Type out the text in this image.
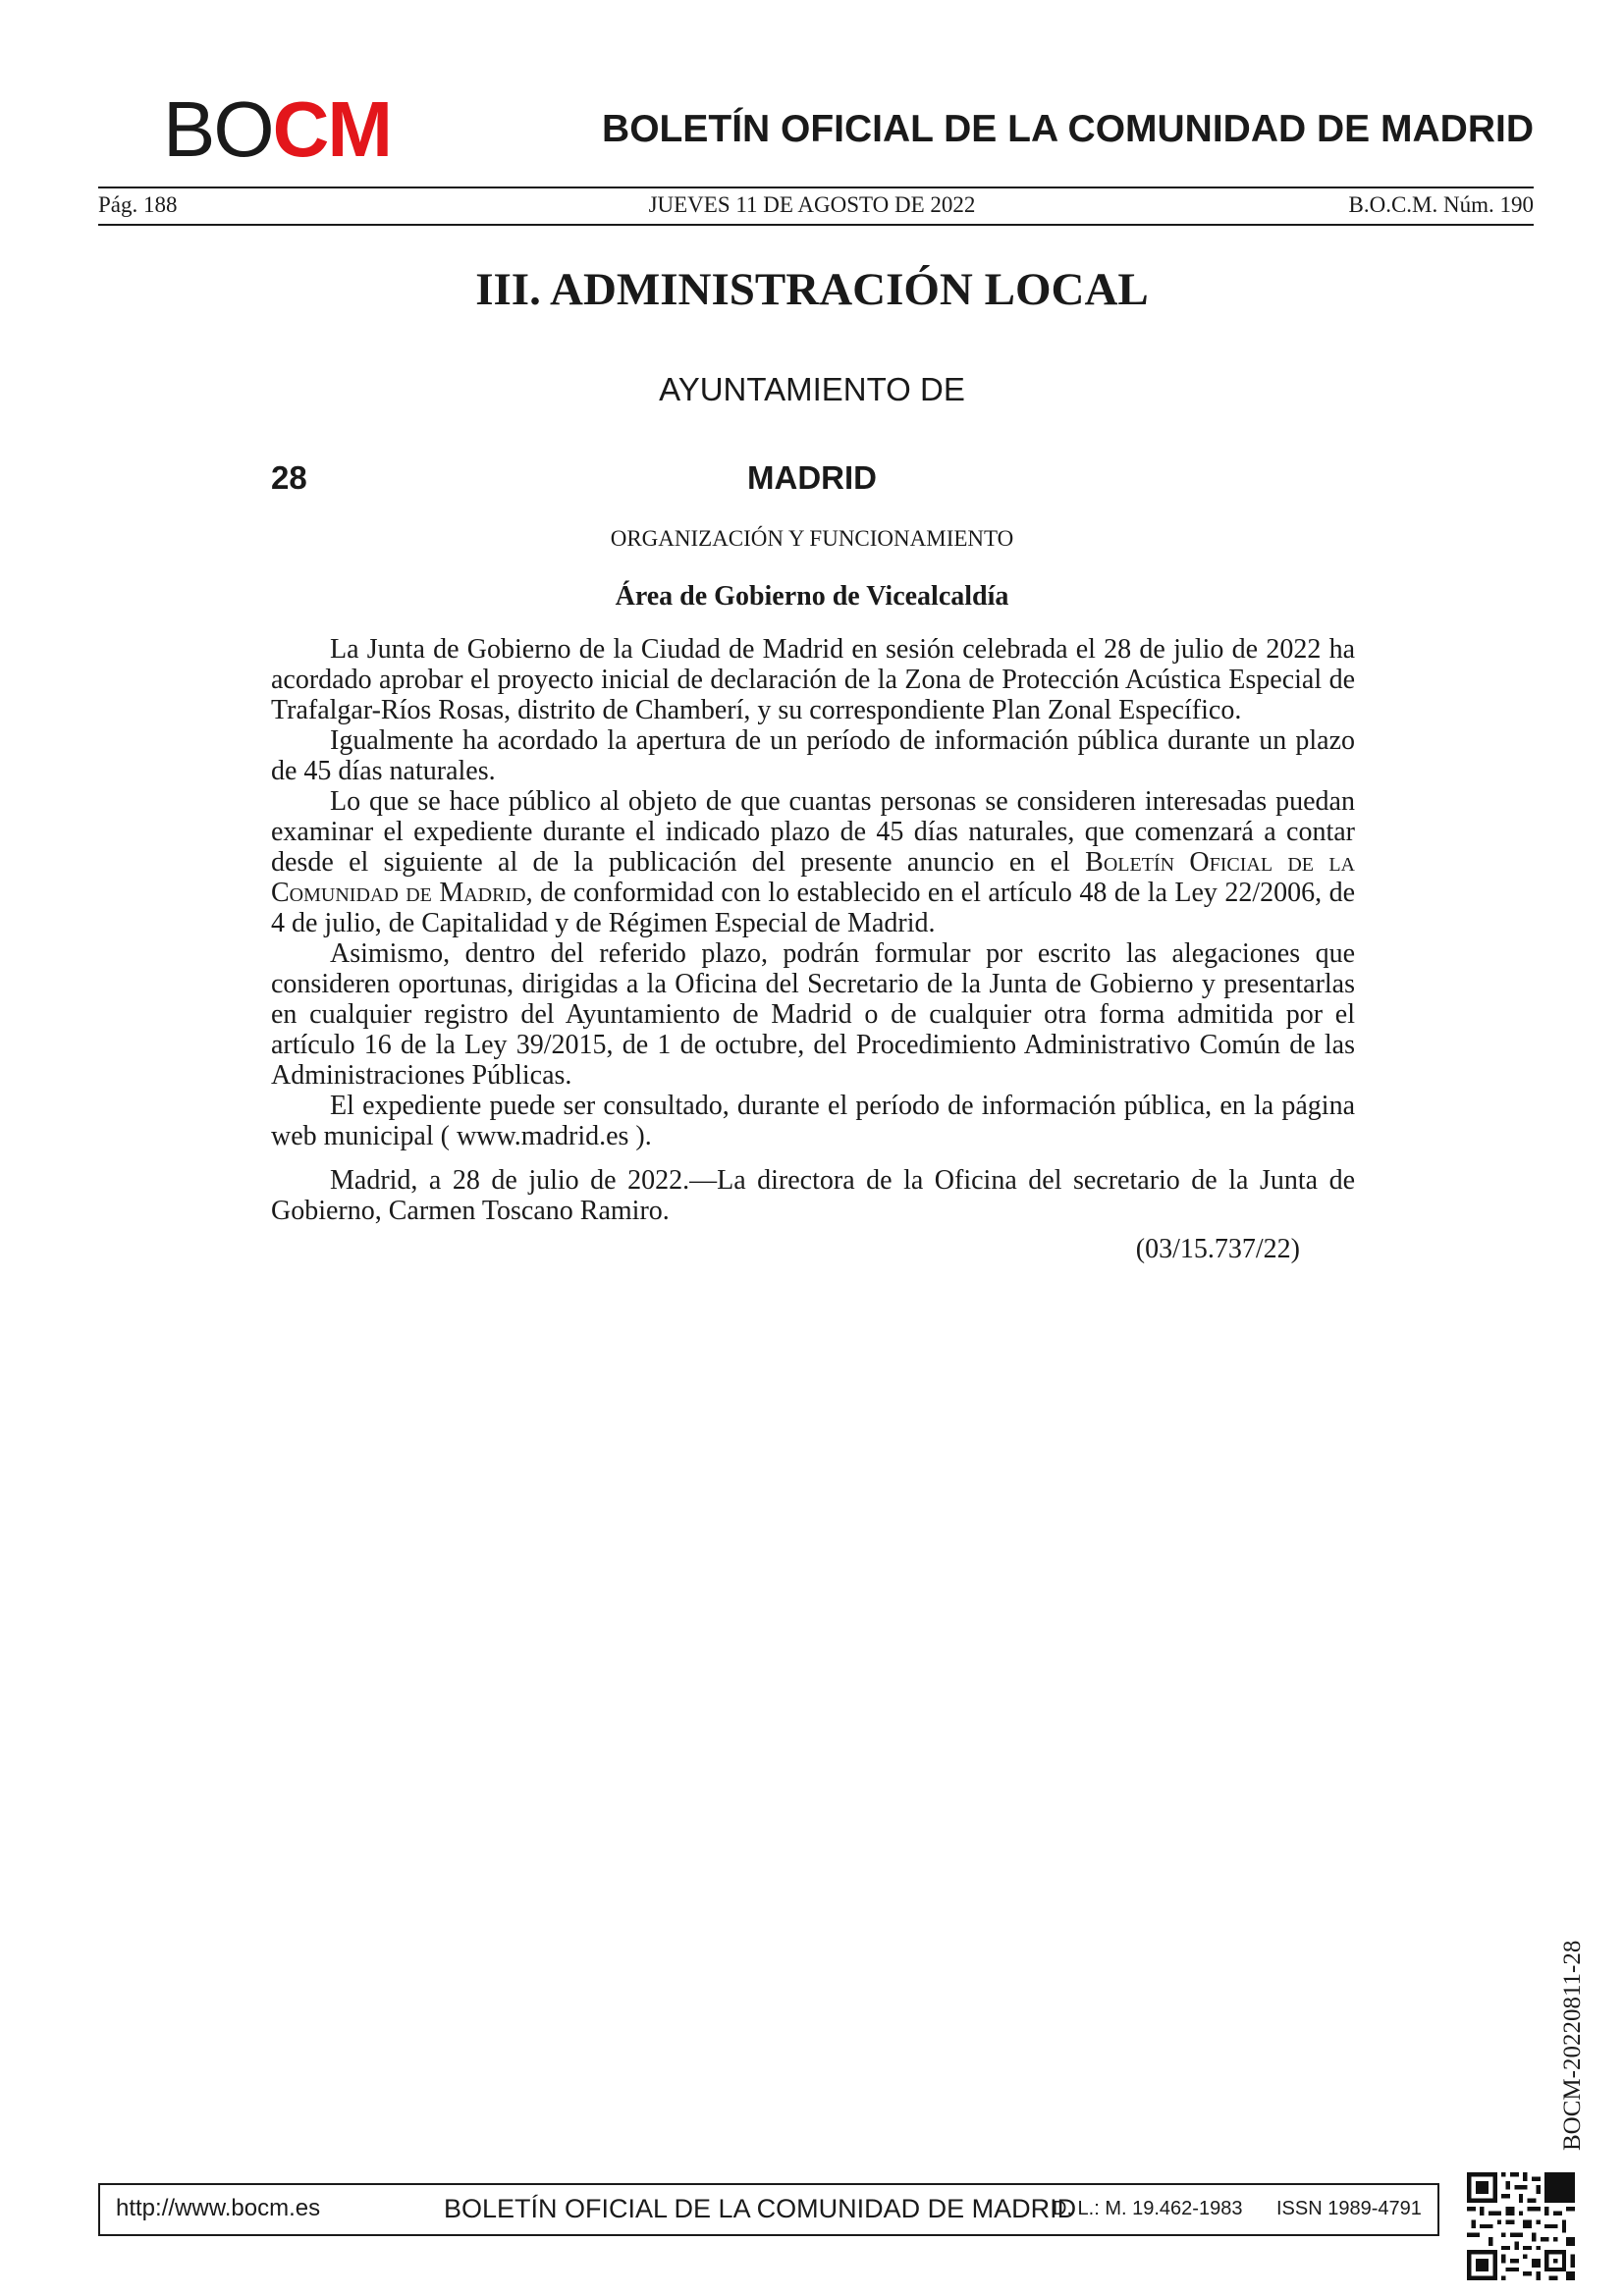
BOCM	BOLETÍN OFICIAL DE LA COMUNIDAD DE MADRID
Pág. 188	JUEVES 11 DE AGOSTO DE 2022	B.O.C.M. Núm. 190
III. ADMINISTRACIÓN LOCAL
AYUNTAMIENTO DE
28	MADRID
ORGANIZACIÓN Y FUNCIONAMIENTO
Área de Gobierno de Vicealcaldía

La Junta de Gobierno de la Ciudad de Madrid en sesión celebrada el 28 de julio de 2022 ha acordado aprobar el proyecto inicial de declaración de la Zona de Protección Acústica Especial de Trafalgar-Ríos Rosas, distrito de Chamberí, y su correspondiente Plan Zonal Específico.

Igualmente ha acordado la apertura de un período de información pública durante un plazo de 45 días naturales.

Lo que se hace público al objeto de que cuantas personas se consideren interesadas puedan examinar el expediente durante el indicado plazo de 45 días naturales, que comenzará a contar desde el siguiente al de la publicación del presente anuncio en el Boletín Oficial de la Comunidad de Madrid, de conformidad con lo establecido en el artículo 48 de la Ley 22/2006, de 4 de julio, de Capitalidad y de Régimen Especial de Madrid.

Asimismo, dentro del referido plazo, podrán formular por escrito las alegaciones que consideren oportunas, dirigidas a la Oficina del Secretario de la Junta de Gobierno y presentarlas en cualquier registro del Ayuntamiento de Madrid o de cualquier otra forma admitida por el artículo 16 de la Ley 39/2015, de 1 de octubre, del Procedimiento Administrativo Común de las Administraciones Públicas.

El expediente puede ser consultado, durante el período de información pública, en la página web municipal ( www.madrid.es ).

Madrid, a 28 de julio de 2022.—La directora de la Oficina del secretario de la Junta de Gobierno, Carmen Toscano Ramiro.

(03/15.737/22)

http://www.bocm.es	BOLETÍN OFICIAL DE LA COMUNIDAD DE MADRID
D. L.: M. 19.462-1983 ISSN 1989-4791
BOCM-20220811-28
